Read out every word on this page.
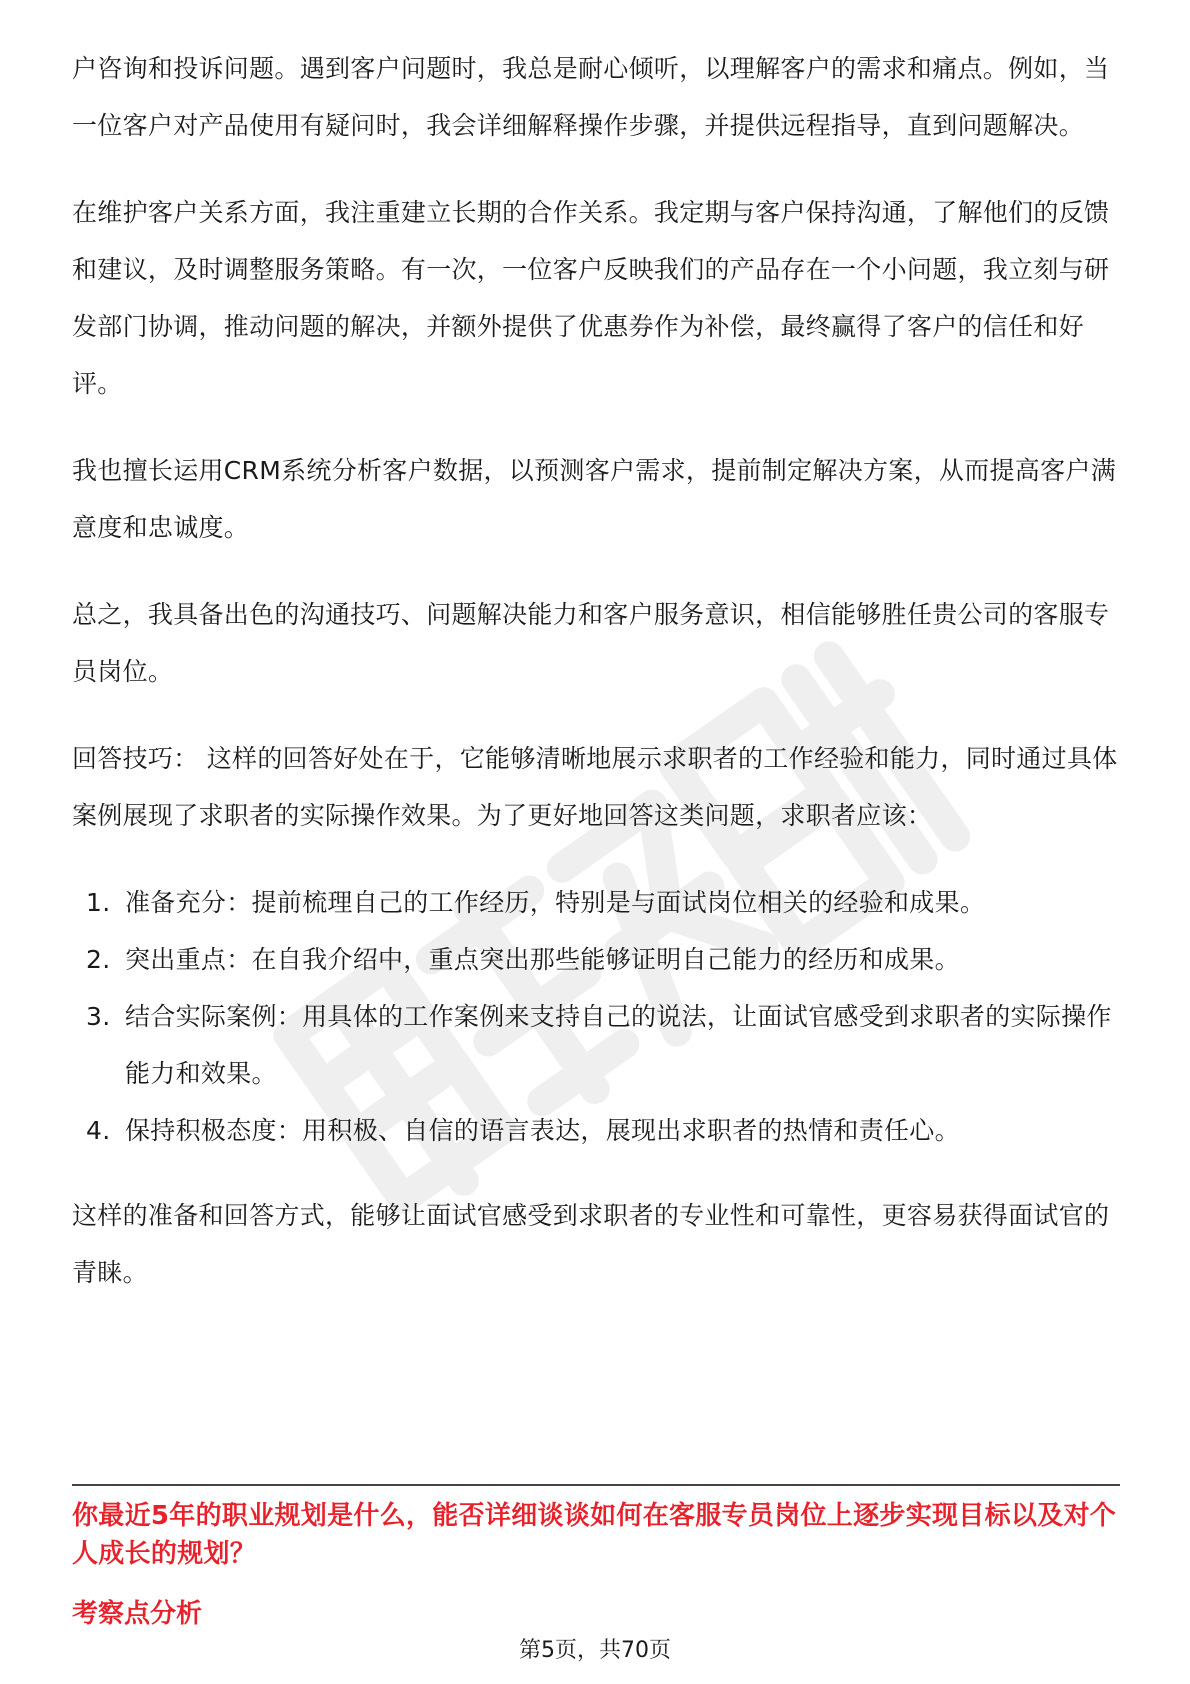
户咨询和投诉问题。遇到客户问题时，我总是耐心倾听，以理解客户的需求和痛点。例如，当一位客户对产品使用有疑问时，我会详细解释操作步骤，并提供远程指导，直到问题解决。

在维护客户关系方面，我注重建立长期的合作关系。我定期与客户保持沟通，了解他们的反馈和建议，及时调整服务策略。有一次，一位客户反映我们的产品存在一个小问题，我立刻与研发部门协调，推动问题的解决，并额外提供了优惠券作为补偿，最终赢得了客户的信任和好评。

我也擅长运用CRM系统分析客户数据，以预测客户需求，提前制定解决方案，从而提高客户满意度和忠诚度。

总之，我具备出色的沟通技巧、问题解决能力和客户服务意识，相信能够胜任贵公司的客服专员岗位。

回答技巧： 这样的回答好处在于，它能够清晰地展示求职者的工作经验和能力，同时通过具体案例展现了求职者的实际操作效果。为了更好地回答这类问题，求职者应该：

1. 准备充分：提前梳理自己的工作经历，特别是与面试岗位相关的经验和成果。
2. 突出重点：在自我介绍中，重点突出那些能够证明自己能力的经历和成果。
3. 结合实际案例：用具体的工作案例来支持自己的说法，让面试官感受到求职者的实际操作能力和效果。
4. 保持积极态度：用积极、自信的语言表达，展现出求职者的热情和责任心。

这样的准备和回答方式，能够让面试官感受到求职者的专业性和可靠性，更容易获得面试官的青睐。

你最近5年的职业规划是什么，能否详细谈谈如何在客服专员岗位上逐步实现目标以及对个人成长的规划？
考察点分析
第5页，共70页
